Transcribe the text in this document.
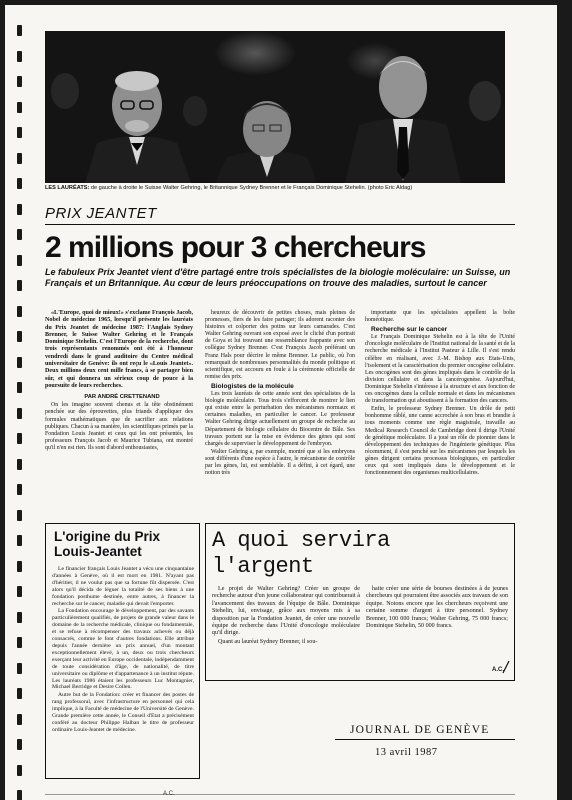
LES LAURÉATS: de gauche à droite le Suisse Walter Gehring, le Britannique Sydney Brenner et le Français Dominique Stehelin. (photo Eric Aldag)
PRIX JEANTET
2 millions pour 3 chercheurs
Le fabuleux Prix Jeantet vient d'être partagé entre trois spécialistes de la biologie moléculaire: un Suisse, un Français et un Britannique. Au cœur de leurs préoccupations on trouve des maladies, surtout le cancer

«L'Europe, quoi de mieux!» s'exclame François Jacob, Nobel de médecine 1965, lorsqu'il présente les lauréats du Prix Jeantet de médecine 1987: l'Anglais Sydney Brenner, le Suisse Walter Gehring et le Français Dominique Stehelin. C'est l'Europe de la recherche, dont trois représentants renommés ont été à l'honneur vendredi dans le grand auditoire du Centre médical universitaire de Genève: ils ont reçu le «Louis Jeantet». Deux millions deux cent mille francs, à se partager bien sûr, et qui donnera un sérieux coup de pouce à la poursuite de leurs recherches.

PAR ANDRÉ CRETTENAND

On les imagine souvent chenus et la tête obstinément penchée sur des éprouvettes, plus friands d'appliquer des formules mathématiques que de sacrifier aux relations publiques. Chacun à sa manière, les scientifiques primés par la Fondation Louis Jeantet et ceux qui les ont présentés, les professeurs François Jacob et Maurice Tubiana, ont montré qu'il n'en est rien. Ils sont d'abord enthousiastes,

heureux de découvrir de petites choses, mais pleines de promesses, fiers de les faire partager; ils adorent raconter des histoires et colporter des potins sur leurs camarades. C'est Walter Gehring ouvrant son exposé avec le cliché d'un portrait de Goya et lui trouvant une ressemblance frappante avec son collègue Sydney Brenner. C'est François Jacob préférant un Franz Hals pour décrire le même Brenner. Le public, où l'on remarquait de nombreuses personnalités du monde politique et scientifique, est accouru en foule à la cérémonie officielle de remise des prix.

Biologistes de la molécule

Les trois lauréats de cette année sont des spécialistes de la biologie moléculaire. Tous trois s'efforcent de montrer le lien qui existe entre la perturbation des mécanismes normaux et certaines maladies, en particulier le cancer. Le professeur Walter Gehring dirige actuellement un groupe de recherche au Département de biologie cellulaire du Biocentre de Bâle. Ses travaux portent sur la mise en évidence des gènes qui sont chargés de superviser le développement de l'embryon.

Walter Gehring a, par exemple, montré que si les embryons sont différents d'une espèce à l'autre, le mécanisme de contrôle par les gènes, lui, est semblable. Il a défini, à cet égard, une notion très

importante que les spécialistes appellent la boîte homéotique.

Recherche sur le cancer

Le Français Dominique Stehelin est à la tête de l'Unité d'oncologie moléculaire de l'Institut national de la santé et de la recherche médicale à l'Institut Pasteur à Lille. Il s'est rendu célèbre en réalisant, avec J.-M. Bishop aux Etats-Unis, l'isolement et la caractérisation du premier oncogène cellulaire. Les oncogènes sont des gènes impliqués dans le contrôle de la division cellulaire et dans la cancérogenèse. Aujourd'hui, Dominique Stehelin s'intéresse à la structure et aux fonction de ces oncogènes dans la cellule normale et dans les mécanismes de transformation qui aboutissent à la formation des cancers.

Enfin, le professeur Sydney Brenner. Un drôle de petit bonhomme râblé, une canne accrochée à son bras et brandie à tous moments comme une règle magistrale, travaille au Medical Research Council de Cambridge dont il dirige l'Unité de génétique moléculaire. Il a joué un rôle de pionnier dans le développement des techniques de l'ingénierie génétique. Plus récemment, il s'est penché sur les mécanismes par lesquels les gènes dirigent certains processus biologiques, en particulier ceux qui sont impliqués dans le développement et le fonctionnement des organismes multicellulaires.

L'origine du Prix
Louis-Jeantet

Le financier français Louis Jeantet a vécu une cinquantaine d'années à Genève, où il est mort en 1981. N'ayant pas d'héritier, il ne voulut pas que sa fortune fût dispersée. C'est alors qu'il décida de léguer la totalité de ses biens à une fondation posthume destinée, entre autres, à financer la recherche sur le cancer, maladie qui devait l'emporter.

La Fondation encourage le développement, par des savants particulièrement qualifiés, de projets de grande valeur dans le domaine de la recherche médicale, clinique ou fondamentale, et se refuse à récompenser des travaux achevés ou déjà consacrés, comme le font d'autres fondations. Elle attribue depuis l'année dernière un prix annuel, d'un montant exceptionnellement élevé, à un, deux ou trois chercheurs exerçant leur activité en Europe occidentale, indépendamment de toute considération d'âge, de nationalité, de titre universitaire ou diplôme et d'appartenance à un institut répute. Les lauréats 1986 étaient les professeurs Luc Montagnier, Michael Berridge et Desire Collen.

Autre but de la Fondation: créer et financer des postes de rang professoral, avec l'infrastructure en personnel qui cela implique, à la Faculté de médecine de l'Université de Genève. Grande première cette année, le Conseil d'Etat a précisément conféré au docteur Philippe Halban le titre de professeur ordinaire Louis-Jeantet de médecine.

A quoi servira
l'argent

Le projet de Walter Gehring? Créer un groupe de recherche autour d'un jeune collaborateur qui contribuerait à l'avancement des travaux de l'équipe de Bâle. Dominique Stehelin, lui, envisage, grâce aux moyens mis à sa disposition par la Fondation Jeantet, de créer une nouvelle équipe de recherche dans l'Unité d'oncologie moléculaire qu'il dirige.

Quant au lauréat Sydney Brenner, il sou-

haite créer une série de bourses destinées à de jeunes chercheurs qui pourraient être associés aux travaux de son équipe. Notons encore que les chercheurs reçoivent une certaine somme d'argent à titre personnel. Sydney Brenner, 100 000 francs; Walter Gehring, 75 000 francs; Dominique Stehelin, 50 000 francs.

A.C.
JOURNAL DE GENÈVE
13 avril 1987
A.C.
